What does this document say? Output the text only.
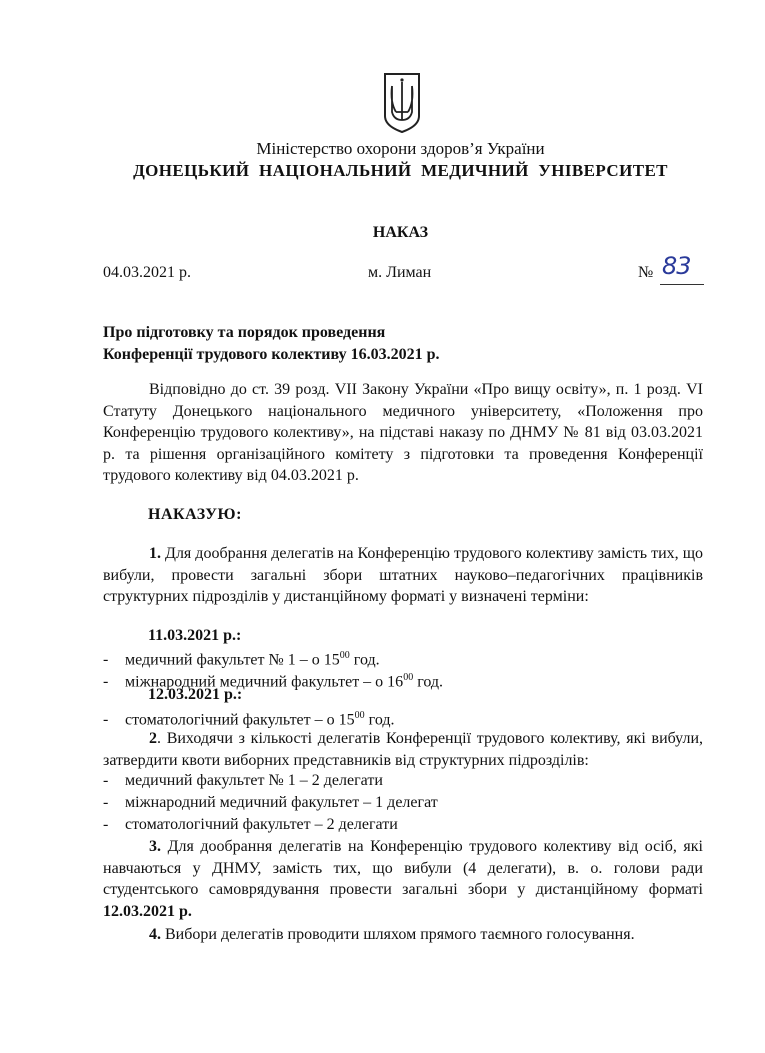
Міністерство охорони здоров’я України
ДОНЕЦЬКИЙ НАЦІОНАЛЬНИЙ МЕДИЧНИЙ УНІВЕРСИТЕТ
НАКАЗ
04.03.2021 р.	м. Лиман	№ 83
Про підготовку та порядок проведення
Конференції трудового колективу 16.03.2021 р.
Відповідно до ст. 39 розд. VII Закону України «Про вищу освіту», п. 1 розд. VI Статуту Донецького національного медичного університету, «Положення про Конференцію трудового колективу», на підставі наказу по ДНМУ № 81 від 03.03.2021 р. та рішення організаційного комітету з підготовки та проведення Конференції трудового колективу від 04.03.2021 р.
НАКАЗУЮ:
1. Для дообрання делегатів на Конференцію трудового колективу замість тих, що вибули, провести загальні збори штатних науково–педагогічних працівників структурних підрозділів у дистанційному форматі у визначені терміни:
11.03.2021 р.:
- медичний факультет № 1 – о $15^{00}$ год.
- міжнародний медичний факультет – о $16^{00}$ год.
12.03.2021 р.:
- стоматологічний факультет – о $15^{00}$ год.
2. Виходячи з кількості делегатів Конференції трудового колективу, які вибули, затвердити квоти виборних представників від структурних підрозділів:
- медичний факультет № 1 – 2 делегати
- міжнародний медичний факультет – 1 делегат
- стоматологічний факультет – 2 делегати
3. Для дообрання делегатів на Конференцію трудового колективу від осіб, які навчаються у ДНМУ, замість тих, що вибули (4 делегати), в. о. голови ради студентського самоврядування провести загальні збори у дистанційному форматі 12.03.2021 р.
4. Вибори делегатів проводити шляхом прямого таємного голосування.
